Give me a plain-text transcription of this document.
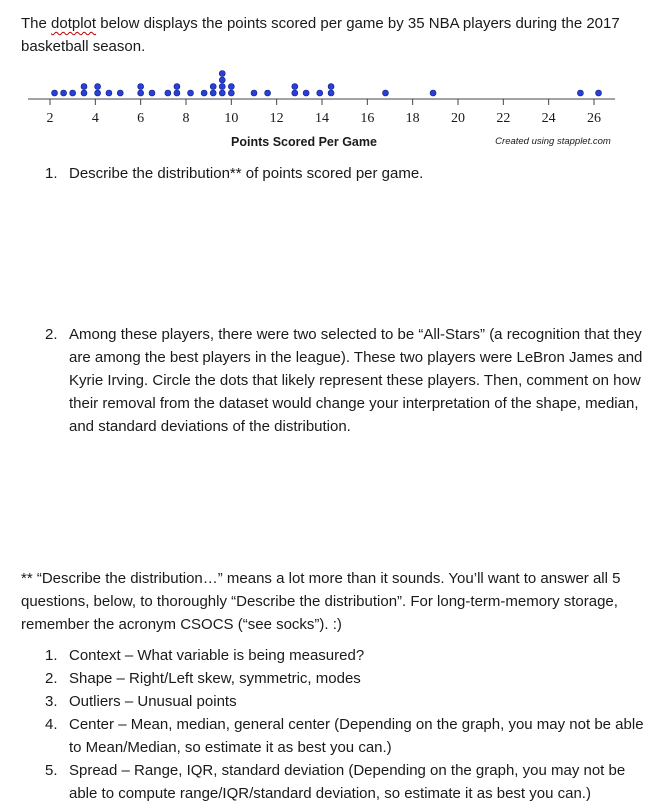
The dotplot below displays the points scored per game by 35 NBA players during the 2017 basketball season.

2	4	6	8 10 12 14 16 18 20 22 24 26
Points Scored Per Game	Created using stapplet.com
1. Describe the distribution** of points scored per game.
2. Among these players, there were two selected to be “All-Stars” (a recognition that they are among the best players in the league). These two players were LeBron James and Kyrie Irving. Circle the dots that likely represent these players. Then, comment on how their removal from the dataset would change your interpretation of the shape, median, and standard deviations of the distribution.

** “Describe the distribution…” means a lot more than it sounds. You’ll want to answer all 5 questions, below, to thoroughly “Describe the distribution”. For long-term-memory storage, remember the acronym CSOCS (“see socks”). :)

1. Context – What variable is being measured?
2. Shape – Right/Left skew, symmetric, modes
3. Outliers – Unusual points
4. Center – Mean, median, general center (Depending on the graph, you may not be able to Mean/Median, so estimate it as best you can.)
5. Spread – Range, IQR, standard deviation (Depending on the graph, you may not be able to compute range/IQR/standard deviation, so estimate it as best you can.)
